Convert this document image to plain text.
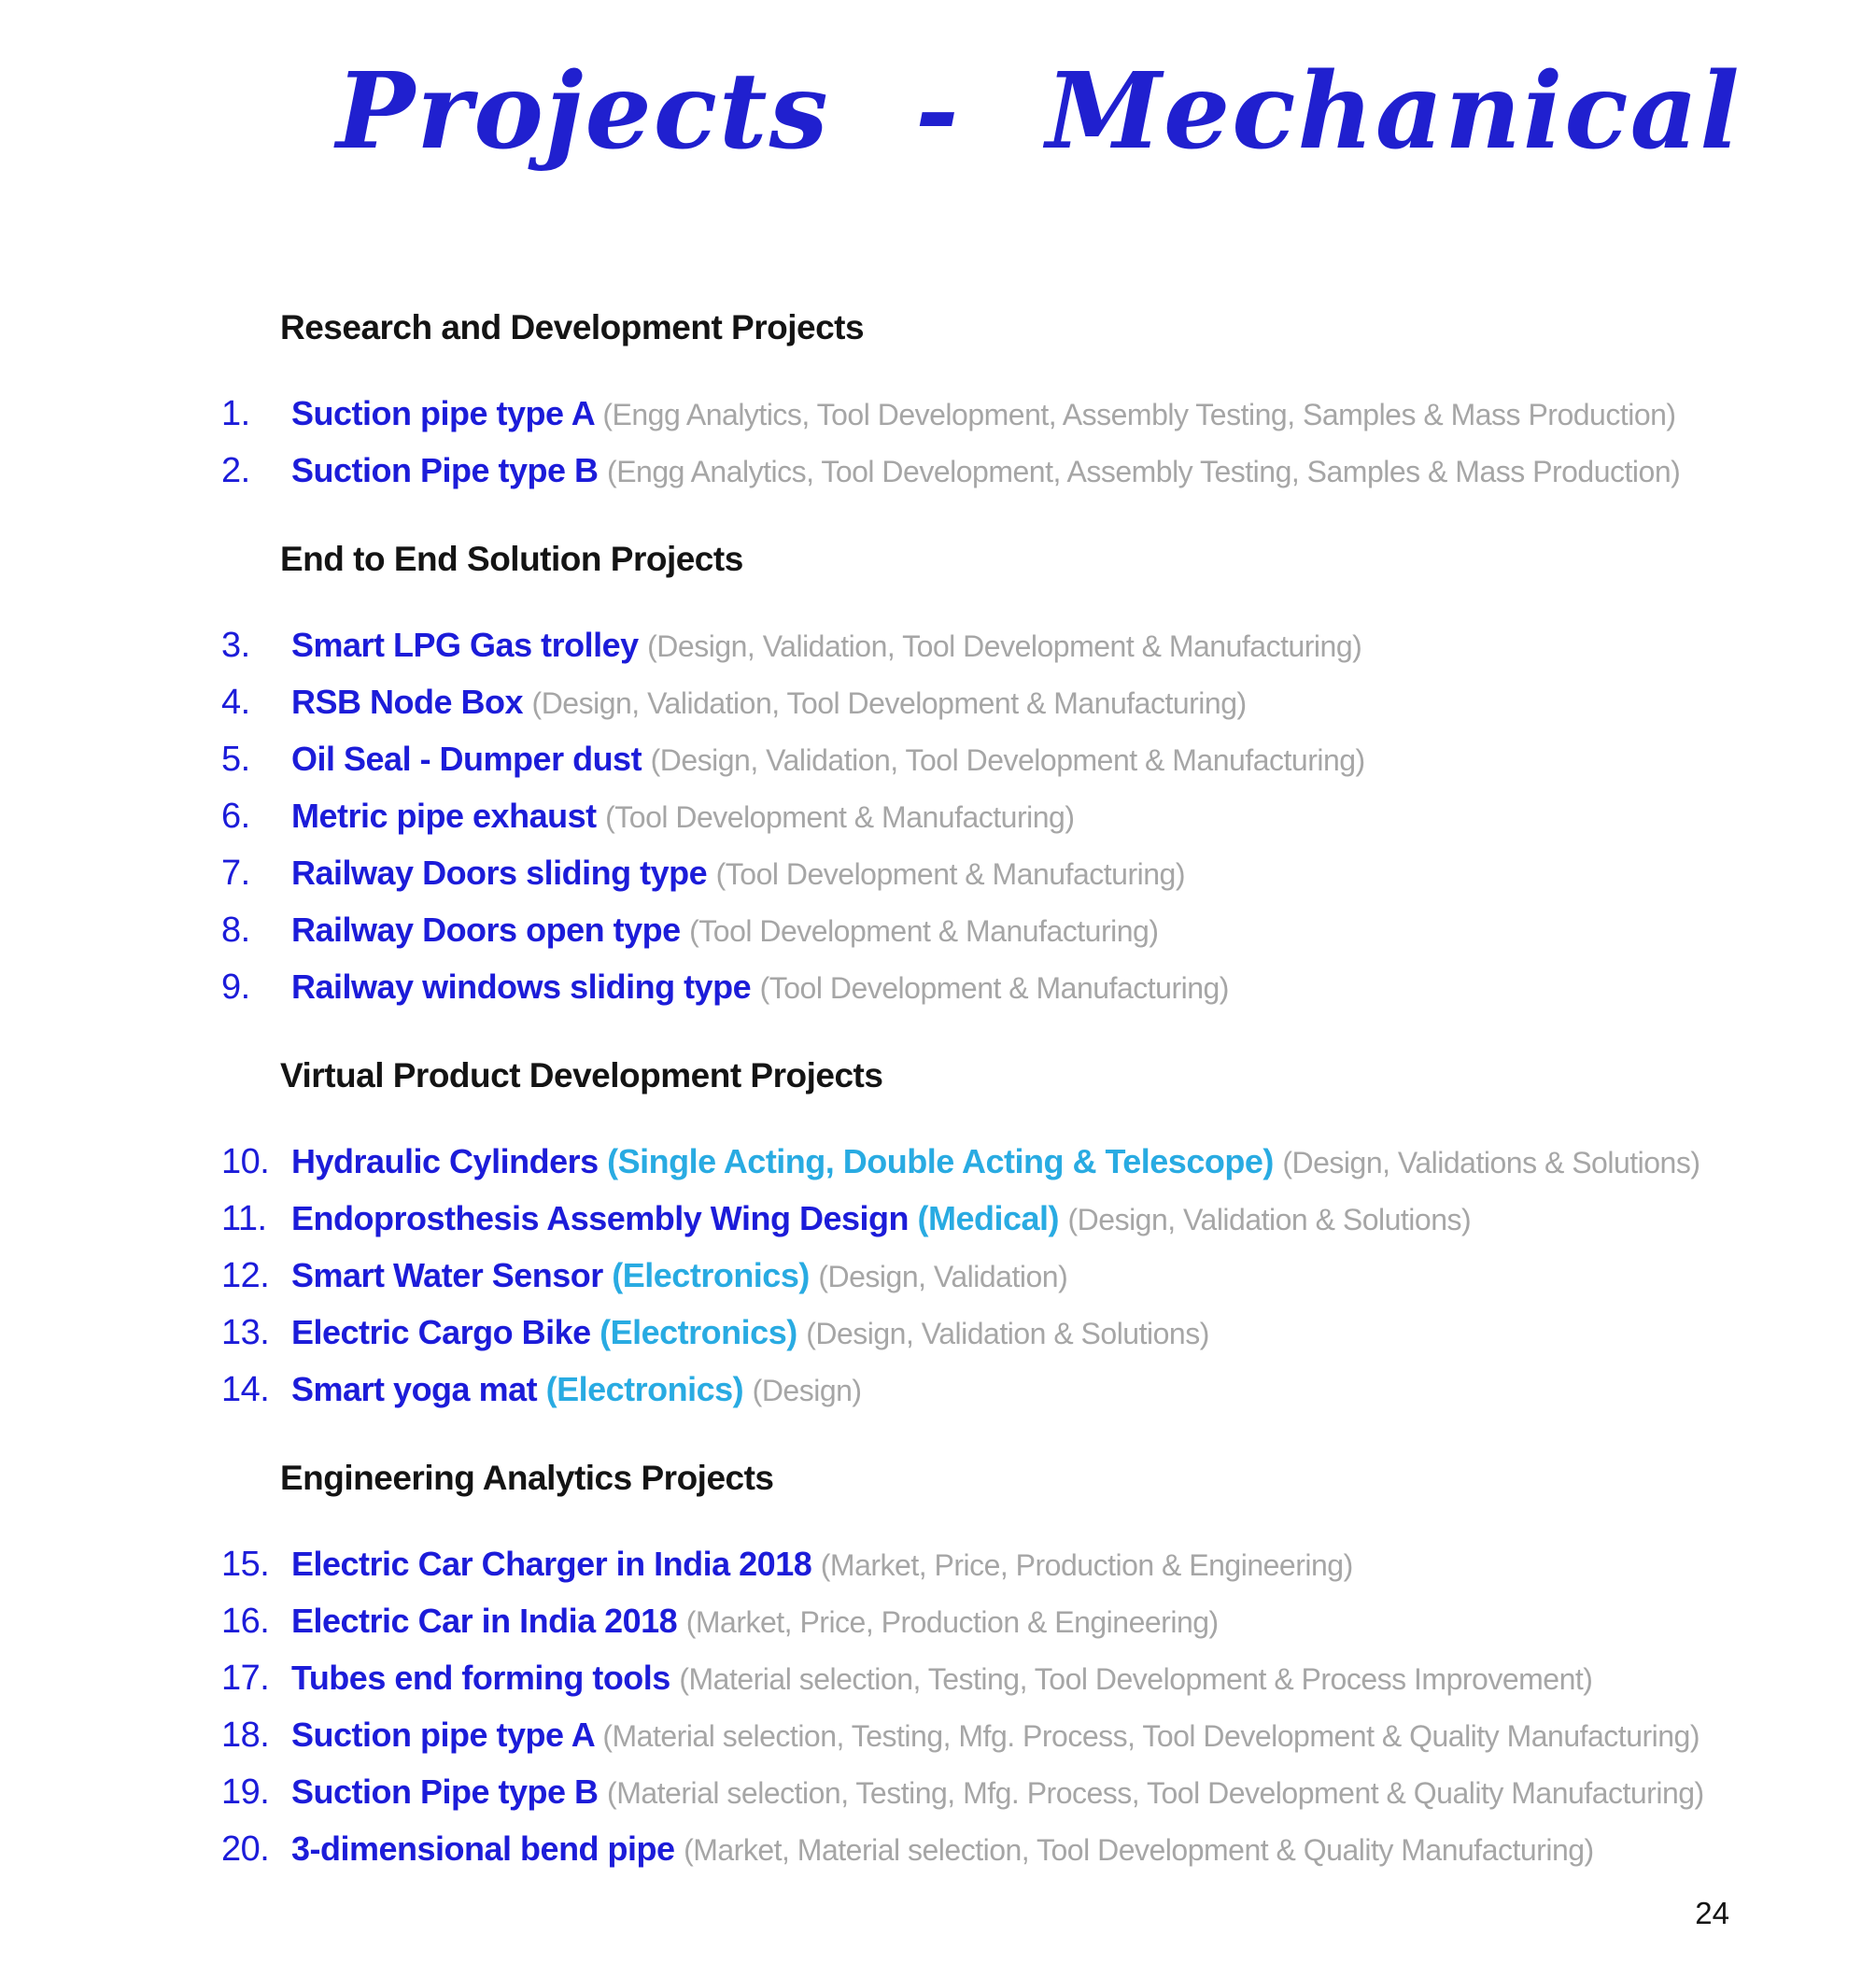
Projects - Mechanical
Research and Development Projects
1. Suction pipe type A (Engg Analytics, Tool Development, Assembly Testing, Samples & Mass Production)
2. Suction Pipe type B (Engg Analytics, Tool Development, Assembly Testing, Samples & Mass Production)
End to End Solution Projects
3. Smart LPG Gas trolley (Design, Validation, Tool Development & Manufacturing)
4. RSB Node Box (Design, Validation, Tool Development & Manufacturing)
5. Oil Seal - Dumper dust (Design, Validation, Tool Development & Manufacturing)
6. Metric pipe exhaust (Tool Development & Manufacturing)
7. Railway Doors sliding type (Tool Development & Manufacturing)
8. Railway Doors open type (Tool Development & Manufacturing)
9. Railway windows sliding type (Tool Development & Manufacturing)
Virtual Product Development Projects
10. Hydraulic Cylinders (Single Acting, Double Acting & Telescope) (Design, Validations & Solutions)
11. Endoprosthesis Assembly Wing Design (Medical) (Design, Validation & Solutions)
12. Smart Water Sensor (Electronics) (Design, Validation)
13. Electric Cargo Bike (Electronics) (Design, Validation & Solutions)
14. Smart yoga mat (Electronics) (Design)
Engineering Analytics Projects
15. Electric Car Charger in India 2018 (Market, Price, Production & Engineering)
16. Electric Car in India 2018 (Market, Price, Production & Engineering)
17. Tubes end forming tools (Material selection, Testing, Tool Development & Process Improvement)
18. Suction pipe type A (Material selection, Testing, Mfg. Process, Tool Development & Quality Manufacturing)
19. Suction Pipe type B (Material selection, Testing, Mfg. Process, Tool Development & Quality Manufacturing)
20. 3-dimensional bend pipe (Market, Material selection, Tool Development & Quality Manufacturing)
24
